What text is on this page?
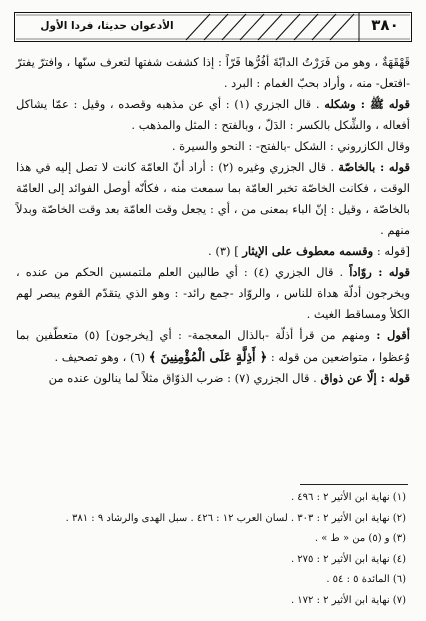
٣٨٠
الأدعوان حديثا، فردا الأول

قَهْقَهَةٌ ، وهو من فَرَرْتُ الدابّةَ أفُرُّها فَرّاً : إذا كشفت شفتها لتعرف سنّها ، وافترّ يفترّ -افتعل- منه ، وأراد بحبّ الغمام : البرد .

قوله ﷺ : وشكله . قال الجزري (١) : أي عن مذهبه وقصده ، وقيل : عمّا يشاكل أفعاله ، والشِّكل بالكسر : الدَلّ ، وبالفتح : المثل والمذهب .

وقال الكازروني : الشكل -بالفتح- : النحو والسيرة .

قوله : بالخاصّة . قال الجزري وغيره (٢) : أراد أنّ العامّة كانت لا تصل إليه في هذا الوقت ، فكانت الخاصّة تخبر العامّة بما سمعت منه ، فكأنّه أوصل الفوائد إلى العامّة بالخاصّة ، وقيل : إنّ الباء بمعنى من ، أي : يجعل وقت العامّة بعد وقت الخاصّة وبدلاً منهم .

[قوله : وقسمه معطوف على الإيثار ] (٣) .

قوله : روّاداً . قال الجزري (٤) : أي طالبين العلم ملتمسين الحكم من عنده ، ويخرجون أدلّة هداة للناس ، والروّاد -جمع رائد- : وهو الذي يتقدّم القوم يبصر لهم الكلأ ومساقط الغيث .

أقول : ومنهم من قرأ أذلّة -بالذال المعجمة- : أي [يخرجون] (٥) متعطّفين بما وُعظوا ، متواضعين من قوله : ﴿ أَذِلَّةٍ عَلَى الْمُؤْمِنِينَ ﴾ (٦) ، وهو تصحيف .

قوله : إلّا عن ذواق . قال الجزري (٧) : ضرب الذوّاق مثلاً لما ينالون عنده من

(١) نهاية ابن الأثير ٢ : ٤٩٦ .

(٢) نهاية ابن الأثير ٢ : ٣٠٣ . لسان العرب ١٢ : ٤٢٦ . سبل الهدى والرشاد ٩ : ٣٨١ .

(٣) و (٥) من « ط » .

(٤) نهاية ابن الأثير ٢ : ٢٧٥ .

(٦) المائدة ٥ : ٥٤ .

(٧) نهاية ابن الأثير ٢ : ١٧٢ .
